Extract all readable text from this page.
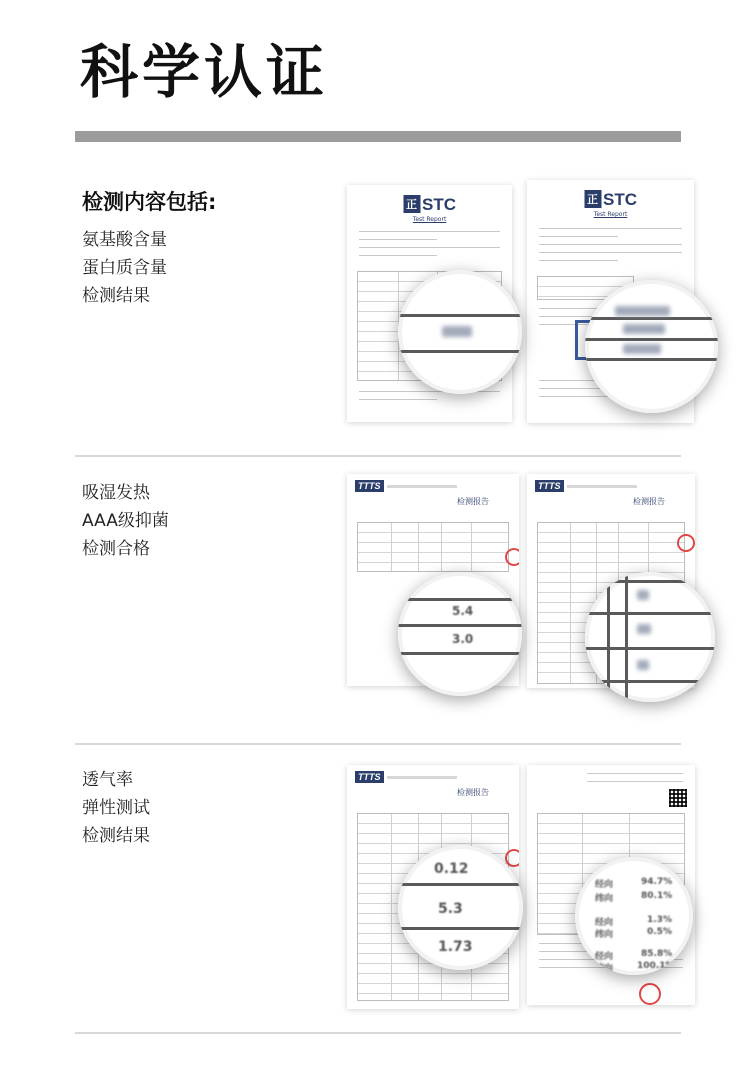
科学认证
检测内容包括:
氨基酸含量
蛋白质含量
检测结果
正 STC
Test Report
正 STC
Test Report
吸湿发热
AAA级抑菌
检测合格
TTTS
检测报告
TTTS
检测报告
5.4
3.0
透气率
弹性测试
检测结果
TTTS
检测报告
0.12
5.3
1.73
经向	94.7%
纬向	80.1%
经向	1.3%
纬向	0.5%
经向	85.8%
纬向	100.1%
